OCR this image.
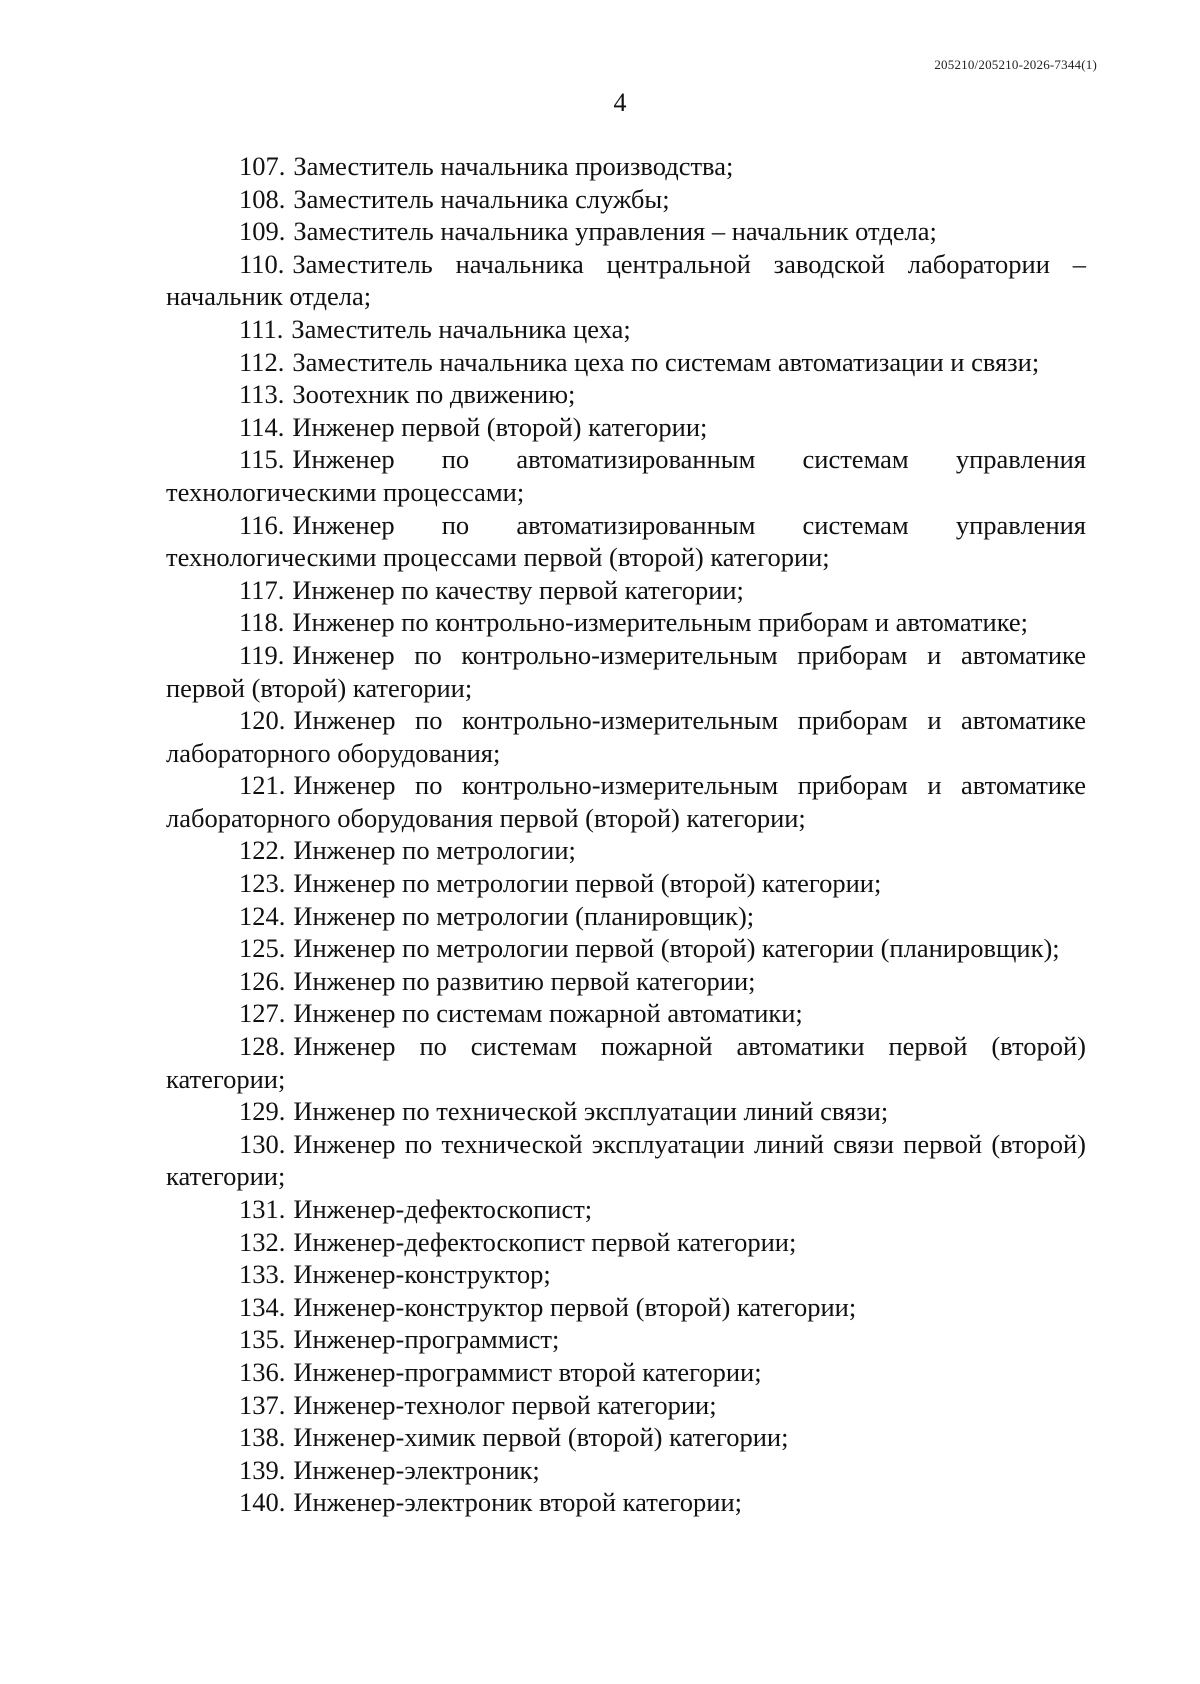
205210/205210-2026-7344(1)
4

107. Заместитель начальника производства;

108. Заместитель начальника службы;

109. Заместитель начальника управления – начальник отдела;

110. Заместитель начальника центральной заводской лаборатории – начальник отдела;

111. Заместитель начальника цеха;

112. Заместитель начальника цеха по системам автоматизации и связи;

113. Зоотехник по движению;

114. Инженер первой (второй) категории;

115. Инженер по автоматизированным системам управления технологическими процессами;

116. Инженер по автоматизированным системам управления технологическими процессами первой (второй) категории;

117. Инженер по качеству первой категории;

118. Инженер по контрольно-измерительным приборам и автоматике;

119. Инженер по контрольно-измерительным приборам и автоматике первой (второй) категории;

120. Инженер по контрольно-измерительным приборам и автоматике лабораторного оборудования;

121. Инженер по контрольно-измерительным приборам и автоматике лабораторного оборудования первой (второй) категории;

122. Инженер по метрологии;

123. Инженер по метрологии первой (второй) категории;

124. Инженер по метрологии (планировщик);

125. Инженер по метрологии первой (второй) категории (планировщик);

126. Инженер по развитию первой категории;

127. Инженер по системам пожарной автоматики;

128. Инженер по системам пожарной автоматики первой (второй) категории;

129. Инженер по технической эксплуатации линий связи;

130. Инженер по технической эксплуатации линий связи первой (второй) категории;

131. Инженер-дефектоскопист;

132. Инженер-дефектоскопист первой категории;

133. Инженер-конструктор;

134. Инженер-конструктор первой (второй) категории;

135. Инженер-программист;

136. Инженер-программист второй категории;

137. Инженер-технолог первой категории;

138. Инженер-химик первой (второй) категории;

139. Инженер-электроник;

140. Инженер-электроник второй категории;
